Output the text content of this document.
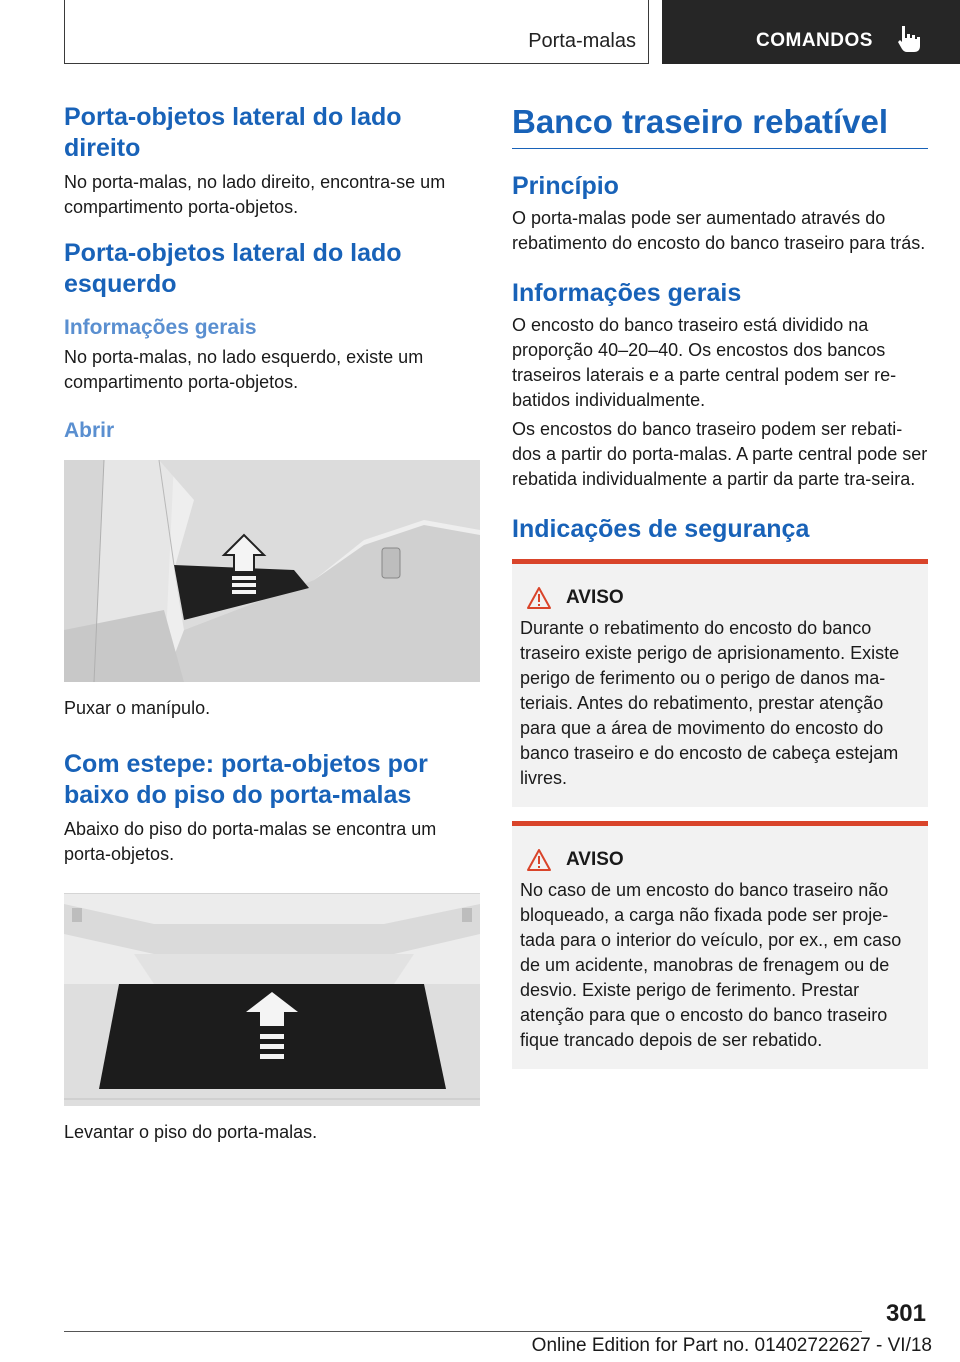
Porta-malas	COMANDOS
Porta-objetos lateral do lado direito

No porta-malas, no lado direito, encontra-se um compartimento porta-objetos.

Porta-objetos lateral do lado esquerdo
Informações gerais

No porta-malas, no lado esquerdo, existe um compartimento porta-objetos.

Abrir

Puxar o manípulo.

Com estepe: porta-objetos por baixo do piso do porta-malas

Abaixo do piso do porta-malas se encontra um porta-objetos.

Levantar o piso do porta-malas.

Banco traseiro rebatível
Princípio

O porta-malas pode ser aumentado através do rebatimento do encosto do banco traseiro para trás.

Informações gerais

O encosto do banco traseiro está dividido na proporção 40–20–40. Os encostos dos bancos traseiros laterais e a parte central podem ser re-batidos individualmente.

Os encostos do banco traseiro podem ser rebati-dos a partir do porta-malas. A parte central pode ser rebatida individualmente a partir da parte tra-seira.

Indicações de segurança
AVISO

Durante o rebatimento do encosto do banco traseiro existe perigo de aprisionamento. Existe perigo de ferimento ou o perigo de danos ma-teriais. Antes do rebatimento, prestar atenção para que a área de movimento do encosto do banco traseiro e do encosto de cabeça estejam livres.

AVISO

No caso de um encosto do banco traseiro não bloqueado, a carga não fixada pode ser proje-tada para o interior do veículo, por ex., em caso de um acidente, manobras de frenagem ou de desvio. Existe perigo de ferimento. Prestar atenção para que o encosto do banco traseiro fique trancado depois de ser rebatido.

301
Online Edition for Part no. 01402722627 - VI/18
